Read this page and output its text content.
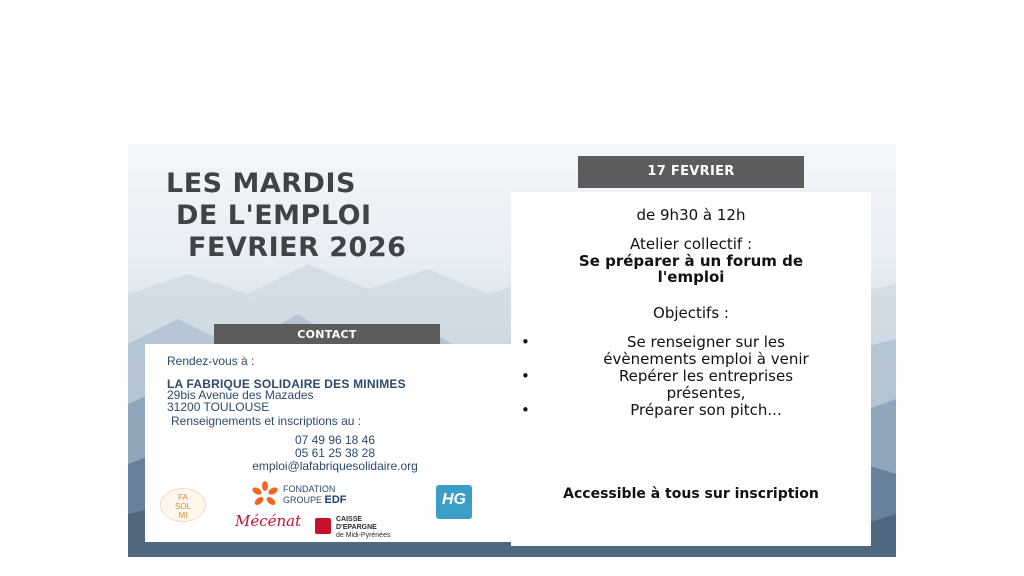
LES MARDIS
DE L'EMPLOI
FEVRIER 2026
CONTACT
Rendez-vous à :
LA FABRIQUE SOLIDAIRE DES MINIMES
29bis Avenue des Mazades
31200 TOULOUSE
Renseignements et inscriptions au :
07 49 96 18 46
05 61 25 38 28
emploi@lafabriquesolidaire.org
FA
SOL
MI
FONDATION
GROUPE EDF	HG
Mécénat	CAISSE
D'EPARGNE
de Midi-Pyrénées
17 FEVRIER
de 9h30 à 12h
Atelier collectif :
Se préparer à un forum de
l'emploi
Objectifs :
•	Se renseigner sur les
évènements emploi à venir
•	Repérer les entreprises
présentes,
•	Préparer son pitch...
Accessible à tous sur inscription
